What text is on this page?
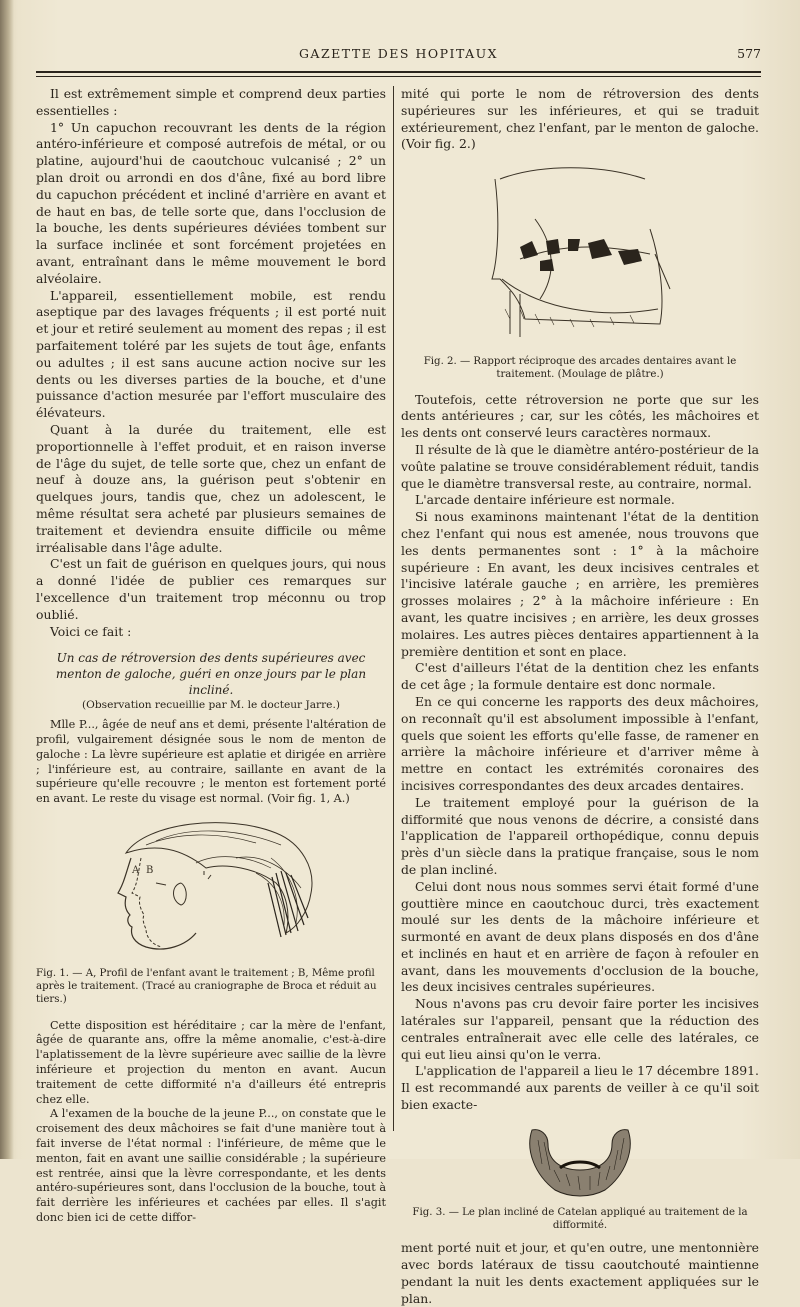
GAZETTE DES HOPITAUX	577

Il est extrêmement simple et comprend deux parties essentielles :

1° Un capuchon recouvrant les dents de la région antéro-inférieure et composé autrefois de métal, or ou platine, aujourd'hui de caoutchouc vulcanisé ; 2° un plan droit ou arrondi en dos d'âne, fixé au bord libre du capuchon précédent et incliné d'arrière en avant et de haut en bas, de telle sorte que, dans l'occlusion de la bouche, les dents supérieures déviées tombent sur la surface inclinée et sont forcément projetées en avant, entraînant dans le même mouvement le bord alvéolaire.

L'appareil, essentiellement mobile, est rendu aseptique par des lavages fréquents ; il est porté nuit et jour et retiré seulement au moment des repas ; il est parfaitement toléré par les sujets de tout âge, enfants ou adultes ; il est sans aucune action nocive sur les dents ou les diverses parties de la bouche, et d'une puissance d'action mesurée par l'effort musculaire des élévateurs.

Quant à la durée du traitement, elle est proportionnelle à l'effet produit, et en raison inverse de l'âge du sujet, de telle sorte que, chez un enfant de neuf à douze ans, la guérison peut s'obtenir en quelques jours, tandis que, chez un adolescent, le même résultat sera acheté par plusieurs semaines de traitement et deviendra ensuite difficile ou même irréalisable dans l'âge adulte.

C'est un fait de guérison en quelques jours, qui nous a donné l'idée de publier ces remarques sur l'excellence d'un traitement trop méconnu ou trop oublié.

Voici ce fait :

Un cas de rétroversion des dents supérieures avec menton de galoche, guéri en onze jours par le plan incliné.
(Observation recueillie par M. le docteur Jarre.)

Mlle P..., âgée de neuf ans et demi, présente l'altération de profil, vulgairement désignée sous le nom de menton de galoche : La lèvre supérieure est aplatie et dirigée en arrière ; l'inférieure est, au contraire, saillante en avant de la supérieure qu'elle recouvre ; le menton est fortement porté en avant. Le reste du visage est normal. (Voir fig. 1, A.)

A B
Fig. 1. — A, Profil de l'enfant avant le traitement ; B, Même profil après le traitement. (Tracé au craniographe de Broca et réduit au tiers.)

Cette disposition est héréditaire ; car la mère de l'enfant, âgée de quarante ans, offre la même anomalie, c'est-à-dire l'aplatissement de la lèvre supérieure avec saillie de la lèvre inférieure et projection du menton en avant. Aucun traitement de cette difformité n'a d'ailleurs été entrepris chez elle.

A l'examen de la bouche de la jeune P..., on constate que le croisement des deux mâchoires se fait d'une manière tout à fait inverse de l'état normal : l'inférieure, de même que le menton, fait en avant une saillie considérable ; la supérieure est rentrée, ainsi que la lèvre correspondante, et les dents antéro-supérieures sont, dans l'occlusion de la bouche, tout à fait derrière les inférieures et cachées par elles. Il s'agit donc bien ici de cette diffor-

mité qui porte le nom de rétroversion des dents supérieures sur les inférieures, et qui se traduit extérieurement, chez l'enfant, par le menton de galoche. (Voir fig. 2.)

Fig. 2. — Rapport réciproque des arcades dentaires avant le traitement. (Moulage de plâtre.)

Toutefois, cette rétroversion ne porte que sur les dents antérieures ; car, sur les côtés, les mâchoires et les dents ont conservé leurs caractères normaux.

Il résulte de là que le diamètre antéro-postérieur de la voûte palatine se trouve considérablement réduit, tandis que le diamètre transversal reste, au contraire, normal.

L'arcade dentaire inférieure est normale.

Si nous examinons maintenant l'état de la dentition chez l'enfant qui nous est amenée, nous trouvons que les dents permanentes sont : 1° à la mâchoire supérieure : En avant, les deux incisives centrales et l'incisive latérale gauche ; en arrière, les premières grosses molaires ; 2° à la mâchoire inférieure : En avant, les quatre incisives ; en arrière, les deux grosses molaires. Les autres pièces dentaires appartiennent à la première dentition et sont en place.

C'est d'ailleurs l'état de la dentition chez les enfants de cet âge ; la formule dentaire est donc normale.

En ce qui concerne les rapports des deux mâchoires, on reconnaît qu'il est absolument impossible à l'enfant, quels que soient les efforts qu'elle fasse, de ramener en arrière la mâchoire inférieure et d'arriver même à mettre en contact les extrémités coronaires des incisives correspondantes des deux arcades dentaires.

Le traitement employé pour la guérison de la difformité que nous venons de décrire, a consisté dans l'application de l'appareil orthopédique, connu depuis près d'un siècle dans la pratique française, sous le nom de plan incliné.

Celui dont nous nous sommes servi était formé d'une gouttière mince en caoutchouc durci, très exactement moulé sur les dents de la mâchoire inférieure et surmonté en avant de deux plans disposés en dos d'âne et inclinés en haut et en arrière de façon à refouler en avant, dans les mouvements d'occlusion de la bouche, les deux incisives centrales supérieures.

Nous n'avons pas cru devoir faire porter les incisives latérales sur l'appareil, pensant que la réduction des centrales entraînerait avec elle celle des latérales, ce qui eut lieu ainsi qu'on le verra.

L'application de l'appareil a lieu le 17 décembre 1891. Il est recommandé aux parents de veiller à ce qu'il soit bien exacte-

Fig. 3. — Le plan incliné de Catelan appliqué au traitement de la difformité.

ment porté nuit et jour, et qu'en outre, une mentonnière avec bords latéraux de tissu caoutchouté maintienne pendant la nuit les dents exactement appliquées sur le plan.
